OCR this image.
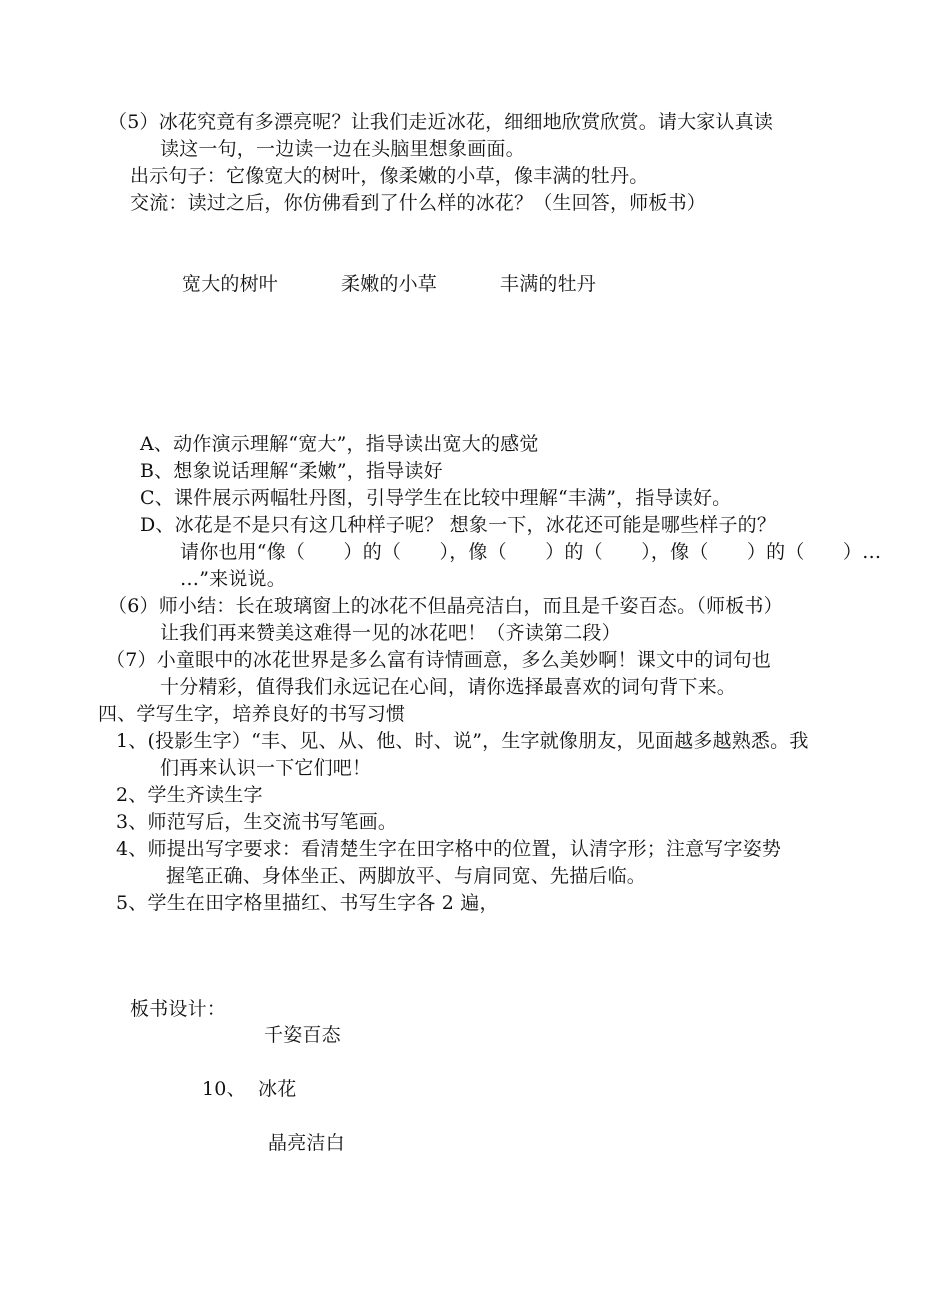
（5）冰花究竟有多漂亮呢？让我们走近冰花，细细地欣赏欣赏。请大家认真读
读这一句，一边读一边在头脑里想象画面。
出示句子：它像宽大的树叶，像柔嫩的小草，像丰满的牡丹。
交流：读过之后，你仿佛看到了什么样的冰花？（生回答，师板书）
宽大的树叶	柔嫩的小草	丰满的牡丹
A、动作演示理解“宽大”，指导读出宽大的感觉
B、想象说话理解“柔嫩”，指导读好
C、课件展示两幅牡丹图，引导学生在比较中理解“丰满”，指导读好。
D、冰花是不是只有这几种样子呢？ 想象一下，冰花还可能是哪些样子的？
请你也用“像（　　）的（　　），像（　　）的（　　），像（　　）的（　　）…
…”来说说。
（6）师小结：长在玻璃窗上的冰花不但晶亮洁白，而且是千姿百态。（师板书）
让我们再来赞美这难得一见的冰花吧！（齐读第二段）
（7）小童眼中的冰花世界是多么富有诗情画意，多么美妙啊！课文中的词句也
十分精彩，值得我们永远记在心间，请你选择最喜欢的词句背下来。
四、学写生字，培养良好的书写习惯
1、(投影生字）“丰、见、从、他、时、说”，生字就像朋友，见面越多越熟悉。我
们再来认识一下它们吧！
2、学生齐读生字
3、师范写后，生交流书写笔画。
4、师提出写字要求：看清楚生字在田字格中的位置，认清字形；注意写字姿势
握笔正确、身体坐正、两脚放平、与肩同宽、先描后临。
5、学生在田字格里描红、书写生字各 2 遍，
板书设计：
千姿百态
10、 冰花
晶亮洁白
